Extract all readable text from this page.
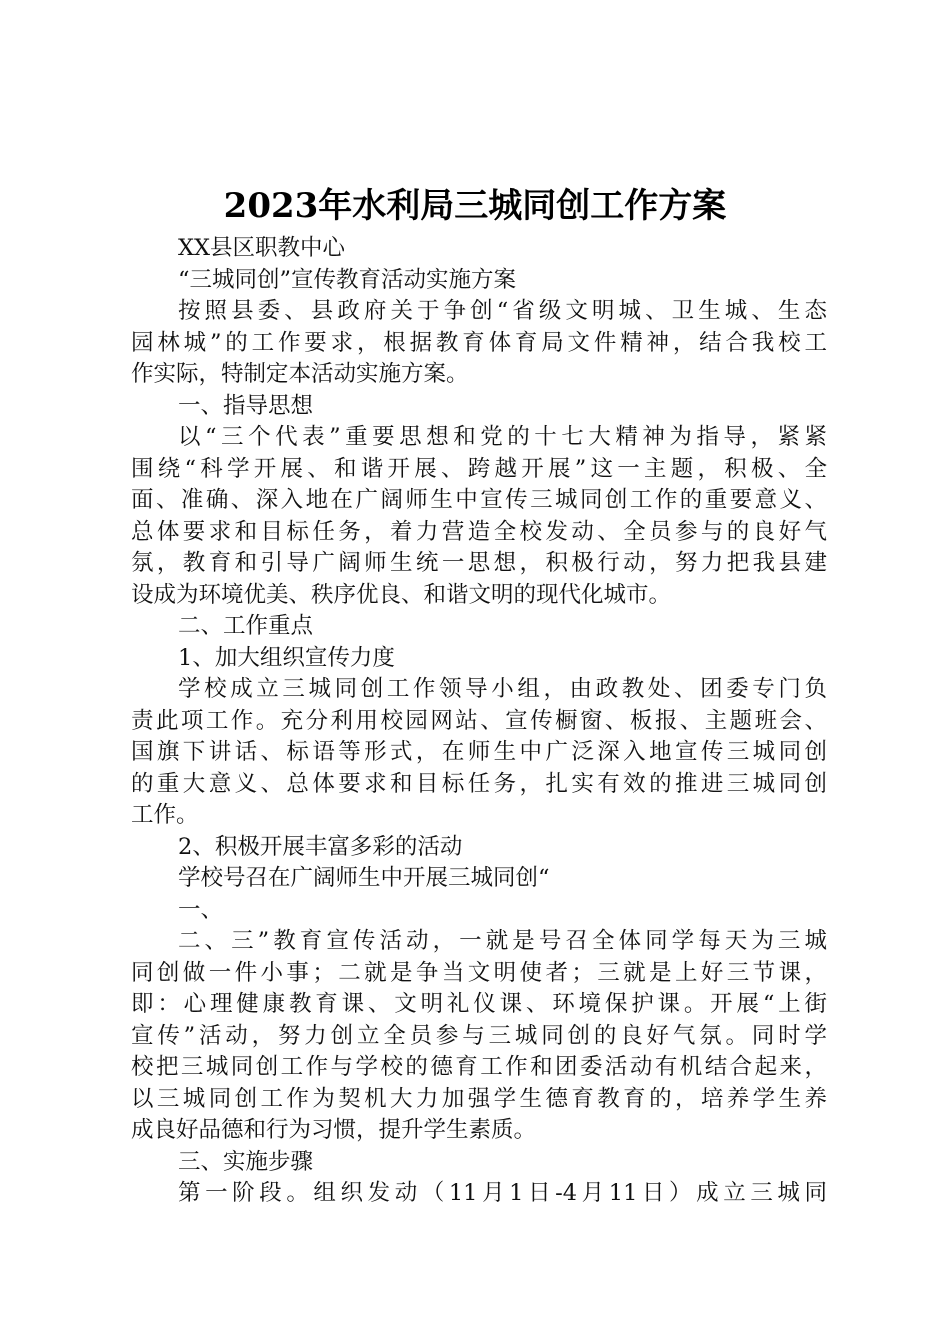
2023年水利局三城同创工作方案
XX县区职教中心
“三城同创”宣传教育活动实施方案
按照县委、县政府关于争创“省级文明城、卫生城、生态
园林城”的工作要求，根据教育体育局文件精神，结合我校工
作实际，特制定本活动实施方案。
一、指导思想
以“三个代表”重要思想和党的十七大精神为指导，紧紧
围绕“科学开展、和谐开展、跨越开展”这一主题，积极、全
面、准确、深入地在广阔师生中宣传三城同创工作的重要意义、
总体要求和目标任务，着力营造全校发动、全员参与的良好气
氛，教育和引导广阔师生统一思想，积极行动，努力把我县建
设成为环境优美、秩序优良、和谐文明的现代化城市。
二、工作重点
1、加大组织宣传力度
学校成立三城同创工作领导小组，由政教处、团委专门负
责此项工作。充分利用校园网站、宣传橱窗、板报、主题班会、
国旗下讲话、标语等形式，在师生中广泛深入地宣传三城同创
的重大意义、总体要求和目标任务，扎实有效的推进三城同创
工作。
2、积极开展丰富多彩的活动
学校号召在广阔师生中开展三城同创“
一、
二、三”教育宣传活动，一就是号召全体同学每天为三城
同创做一件小事；二就是争当文明使者；三就是上好三节课，
即：心理健康教育课、文明礼仪课、环境保护课。开展“上街
宣传”活动，努力创立全员参与三城同创的良好气氛。同时学
校把三城同创工作与学校的德育工作和团委活动有机结合起来，
以三城同创工作为契机大力加强学生德育教育的，培养学生养
成良好品德和行为习惯，提升学生素质。
三、实施步骤
第一阶段。组织发动（11月1日-4月11日）成立三城同
